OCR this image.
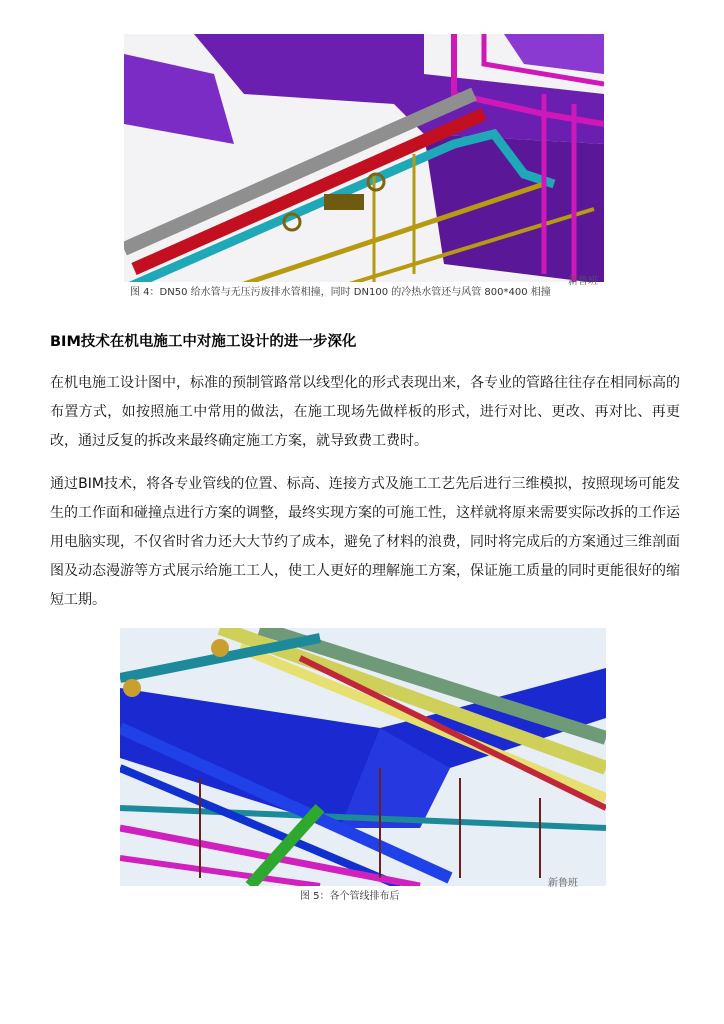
图 4：DN50 给水管与无压污废排水管相撞，同时 DN100 的冷热水管还与风管 800*400 相撞
新鲁班
BIM技术在机电施工中对施工设计的进一步深化

在机电施工设计图中，标准的预制管路常以线型化的形式表现出来，各专业的管路往往存在相同标高的布置方式，如按照施工中常用的做法，在施工现场先做样板的形式，进行对比、更改、再对比、再更改，通过反复的拆改来最终确定施工方案，就导致费工费时。

通过BIM技术，将各专业管线的位置、标高、连接方式及施工工艺先后进行三维模拟，按照现场可能发生的工作面和碰撞点进行方案的调整，最终实现方案的可施工性，这样就将原来需要实际改拆的工作运用电脑实现，不仅省时省力还大大节约了成本，避免了材料的浪费，同时将完成后的方案通过三维剖面图及动态漫游等方式展示给施工工人，使工人更好的理解施工方案，保证施工质量的同时更能很好的缩短工期。

图 5：各个管线排布后
新鲁班
